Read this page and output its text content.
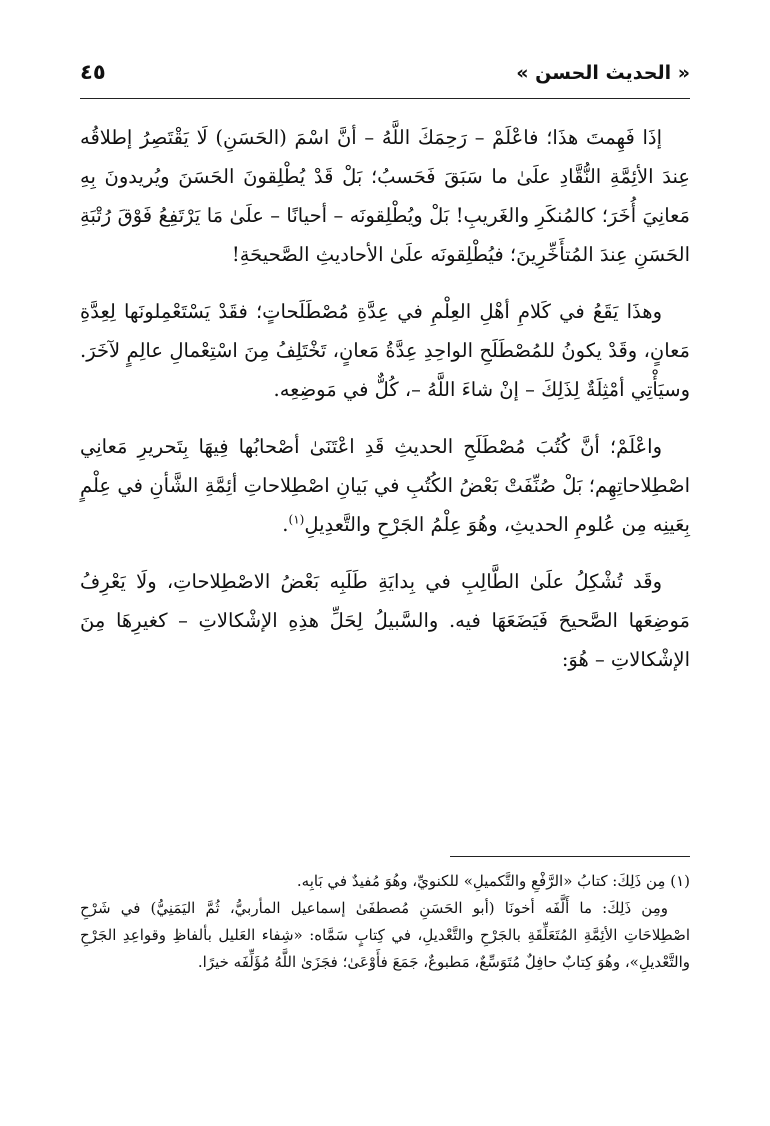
« الحديث الحسن »
٤٥

إذَا فَهِمتَ هذَا؛ فاعْلَمْ – رَحِمَكَ اللَّهُ – أنَّ اسْمَ (الحَسَنِ) لَا يَقْتَصِرُ إطلاقُه عِندَ الأئِمَّةِ النُّقَّادِ علَىٰ ما سَبَقَ فَحَسبُ؛ بَلْ قَدْ يُطْلِقونَ الحَسَنَ ويُريدونَ بِهِ مَعانِيَ أُخَرَ؛ كالمُنكَرِ والغَريبِ! بَلْ ويُطْلِقونَه – أحيانًا – علَىٰ مَا يَرْتَفِعُ فَوْقَ رُتْبَةِ الحَسَنِ عِندَ المُتأَخِّرِينَ؛ فيُطْلِقونَه علَىٰ الأحاديثِ الصَّحيحَةِ!

وهذَا يَقَعُ في كَلامِ أهْلِ العِلْمِ في عِدَّةِ مُصْطَلَحاتٍ؛ فقَدْ يَسْتَعْمِلونَها لِعِدَّةِ مَعانٍ، وقَدْ يكونُ للمُصْطَلَحِ الواحِدِ عِدَّةُ مَعانٍ، تَخْتَلِفُ مِنَ اسْتِعْمالِ عالِمٍ لآخَرَ. وسيَأْتِي أمْثِلَةٌ لِذَلِكَ – إنْ شاءَ اللَّهُ –، كُلٌّ في مَوضِعِه.

واعْلَمْ؛ أنَّ كُتُبَ مُصْطَلَحِ الحديثِ قَدِ اعْتَنَىٰ أصْحابُها فِيهَا بِتَحريرِ مَعانِي اصْطِلاحاتِهِم؛ بَلْ صُنِّفَتْ بَعْضُ الكُتُبِ في بَيانِ اصْطِلاحاتِ أئِمَّةِ الشَّأنِ في عِلْمٍ بِعَينِه مِن عُلومِ الحديثِ، وهُوَ عِلْمُ الجَرْحِ والتَّعدِيلِ$^{(١)}$.

وقَد تُشْكِلُ علَىٰ الطَّالِبِ في بِدايَةِ طَلَبِه بَعْضُ الاصْطِلاحاتِ، ولَا يَعْرِفُ مَوضِعَها الصَّحيحَ فَيَضَعَهَا فيه. والسَّبيلُ لِحَلِّ هذِهِ الإشْكالاتِ – كغيرِهَا مِنَ الإشْكالاتِ – هُوَ:

(١) مِن ذَلِكَ: كتابُ «الرَّفْعِ والتَّكميلِ» للكنويِّ، وهُوَ مُفيدٌ في بَابِه.

ومِن ذَلِكَ: ما أَلَّفَه أخونَا (أبو الحَسَنِ مُصطفَىٰ إسماعيل المأربيُّ، ثُمَّ اليَمَنِيُّ) في شَرْحِ اصْطِلاحَاتِ الأئِمَّةِ المُتَعَلِّقَةِ بالجَرْحِ والتَّعْديلِ، في كِتابٍ سَمَّاه: «شِفاء العَليل بألفاظِ وقواعِدِ الجَرْحِ والتَّعْديلِ»، وهُوَ كِتابٌ حافِلٌ مُتَوَسِّعٌ، مَطبوعٌ، جَمَعَ فأَوْعَىٰ؛ فجَزَىٰ اللَّهُ مُؤَلِّفَه خيرًا.
